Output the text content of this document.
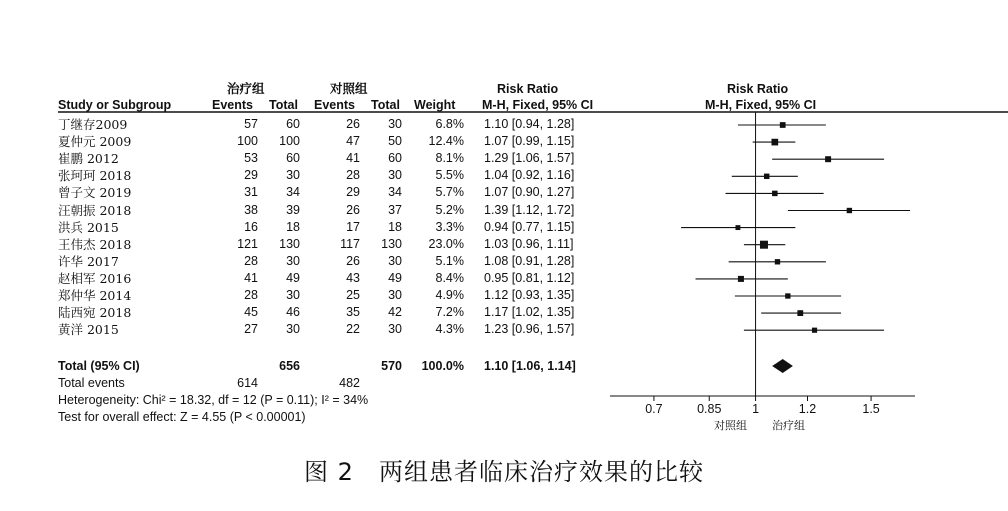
0.7	0.85 1	1.2	1.5
治疗组	对照组	Risk Ratio	Risk Ratio
Study or Subgroup	Events Total Events Total Weight M-H, Fixed, 95% CI	M-H, Fixed, 95% CI
丁继存2009	57	60	26	30	6.8% 1.10 [0.94, 1.28]
夏仲元 2009	100	100	47	50	12.4% 1.07 [0.99, 1.15]
崔鹏 2012	53	60	41	60	8.1% 1.29 [1.06, 1.57]
张珂珂 2018	29	30	28	30	5.5% 1.04 [0.92, 1.16]
曾子文 2019	31	34	29	34	5.7% 1.07 [0.90, 1.27]
汪朝振 2018	38	39	26	37	5.2% 1.39 [1.12, 1.72]
洪兵 2015	16	18	17	18	3.3% 0.94 [0.77, 1.15]
王伟杰 2018	121	130	117	130	23.0% 1.03 [0.96, 1.11]
许华 2017	28	30	26	30	5.1% 1.08 [0.91, 1.28]
赵相军 2016	41	49	43	49	8.4% 0.95 [0.81, 1.12]
郑仲华 2014	28	30	25	30	4.9% 1.12 [0.93, 1.35]
陆西宛 2018	45	46	35	42	7.2% 1.17 [1.02, 1.35]
黄洋 2015	27	30	22	30	4.3% 1.23 [0.96, 1.57]
Total (95% CI)	656	570	100.0% 1.10 [1.06, 1.14]
Total events	614	482
Heterogeneity: Chi² = 18.32, df = 12 (P = 0.11); I² = 34%
Test for overall effect: Z = 4.55 (P < 0.00001)
对照组 治疗组
图 2　两组患者临床治疗效果的比较
